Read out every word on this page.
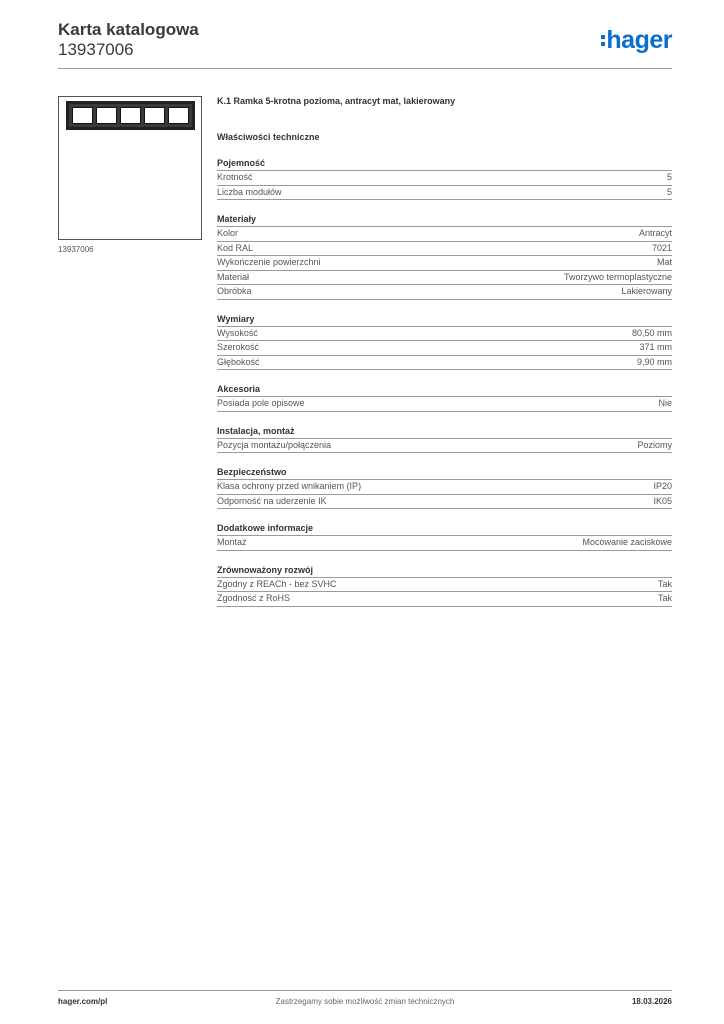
Karta katalogowa
13937006	hager
13937006
K.1 Ramka 5-krotna pozioma, antracyt mat, lakierowany
Właściwości techniczne
Pojemność
Krotność	5
Liczba modułów	5
Materiały
Kolor	Antracyt
Kod RAL	7021
Wykończenie powierzchni	Mat
Materiał	Tworzywo termoplastyczne
Obróbka	Lakierowany
Wymiary
Wysokość	80,50 mm
Szerokość	371 mm
Głębokość	9,90 mm
Akcesoria
Posiada pole opisowe	Nie
Instalacja, montaż
Pozycja montażu/połączenia	Poziomy
Bezpieczeństwo
Klasa ochrony przed wnikaniem (IP)	IP20
Odporność na uderzenie IK	IK05
Dodatkowe informacje
Montaż	Mocowanie zaciskowe
Zrównoważony rozwój
Zgodny z REACh - bez SVHC	Tak
Zgodność z RoHS	Tak
hager.com/pl	Zastrzegamy sobie możliwość zmian technicznych	18.03.2026
